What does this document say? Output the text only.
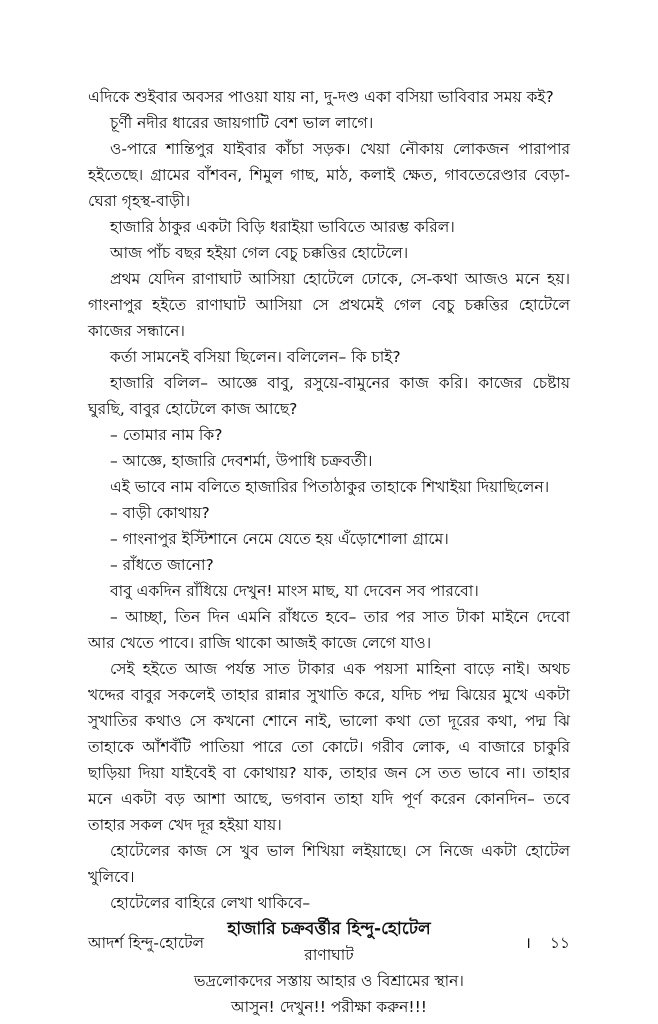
এদিকে শুইবার অবসর পাওয়া যায় না, দু-দণ্ড একা বসিয়া ভাবিবার সময় কই?

চূর্ণী নদীর ধারের জায়গাটি বেশ ভাল লাগে।

ও-পারে শান্তিপুর যাইবার কাঁচা সড়ক। খেয়া নৌকায় লোকজন পারাপার হইতেছে। গ্রামের বাঁশবন, শিমুল গাছ, মাঠ, কলাই ক্ষেত, গাবতেরেণ্ডার বেড়া-ঘেরা গৃহস্থ-বাড়ী।

হাজারি ঠাকুর একটা বিড়ি ধরাইয়া ভাবিতে আরম্ভ করিল।

আজ পাঁচ বছর হইয়া গেল বেচু চক্কত্তির হোটেলে।

প্রথম যেদিন রাণাঘাট আসিয়া হোটেলে ঢোকে, সে-কথা আজও মনে হয়। গাংনাপুর হইতে রাণাঘাট আসিয়া সে প্রথমেই গেল বেচু চক্কত্তির হোটেলে কাজের সন্ধানে।

কর্তা সামনেই বসিয়া ছিলেন। বলিলেন– কি চাই?

হাজারি বলিল– আজ্ঞে বাবু, রসুয়ে-বামুনের কাজ করি। কাজের চেষ্টায় ঘুরছি, বাবুর হোটেলে কাজ আছে?

– তোমার নাম কি?

– আজ্ঞে, হাজারি দেবশর্মা, উপাধি চক্রবর্তী।

এই ভাবে নাম বলিতে হাজারির পিতাঠাকুর তাহাকে শিখাইয়া দিয়াছিলেন।

– বাড়ী কোথায়?

– গাংনাপুর ইস্টিশানে নেমে যেতে হয় এঁড়োশোলা গ্রামে।

– রাঁধতে জানো?

বাবু একদিন রাঁধিয়ে দেখুন! মাংস মাছ, যা দেবেন সব পারবো।

– আচ্ছা, তিন দিন এমনি রাঁধতে হবে– তার পর সাত টাকা মাইনে দেবো আর খেতে পাবে। রাজি থাকো আজই কাজে লেগে যাও।

সেই হইতে আজ পর্যন্ত সাত টাকার এক পয়সা মাহিনা বাড়ে নাই। অথচ খদ্দের বাবুর সকলেই তাহার রান্নার সুখাতি করে, যদিচ পদ্ম ঝিয়ের মুখে একটা সুখাতির কথাও সে কখনো শোনে নাই, ভালো কথা তো দূরের কথা, পদ্ম ঝি তাহাকে আঁশবঁটি পাতিয়া পারে তো কোটে। গরীব লোক, এ বাজারে চাকুরি ছাড়িয়া দিয়া যাইবেই বা কোথায়? যাক, তাহার জন সে তত ভাবে না। তাহার মনে একটা বড় আশা আছে, ভগবান তাহা যদি পূর্ণ করেন কোনদিন– তবে তাহার সকল খেদ দূর হইয়া যায়।

হোটেলের কাজ সে খুব ভাল শিখিয়া লইয়াছে। সে নিজে একটা হোটেল খুলিবে।

হোটেলের বাহিরে লেখা থাকিবে–

হাজারি চক্রবর্ত্তীর হিন্দু-হোটেল

রাণাঘাট

ভদ্রলোকদের সস্তায় আহার ও বিশ্রামের স্থান।

আসুন! দেখুন!! পরীক্ষা করুন!!!

আদর্শ হিন্দু-হোটেল	। ১১
